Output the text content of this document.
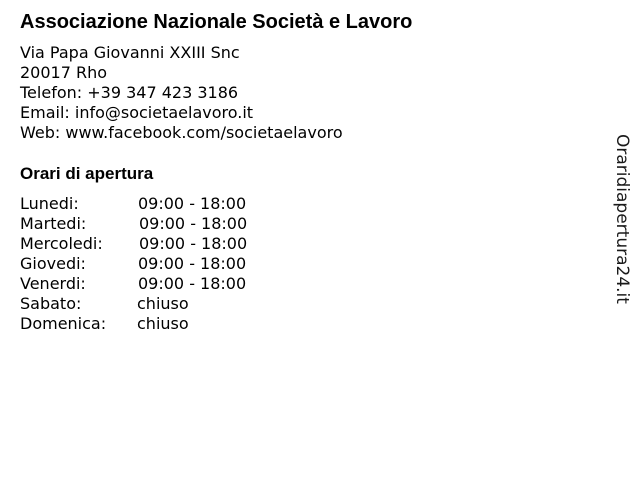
Associazione Nazionale Società e Lavoro
Via Papa Giovanni XXIII Snc
20017 Rho
Telefon: +39 347 423 3186
Email: info@societaelavoro.it
Web: www.facebook.com/societaelavoro
Orari di apertura
Lunedi:	09:00 - 18:00
Martedi:	09:00 - 18:00
Mercoledi: 09:00 - 18:00
Giovedi:	09:00 - 18:00
Venerdi:	09:00 - 18:00
Sabato:	chiuso
Domenica: chiuso
Oraridiapertura24.it
